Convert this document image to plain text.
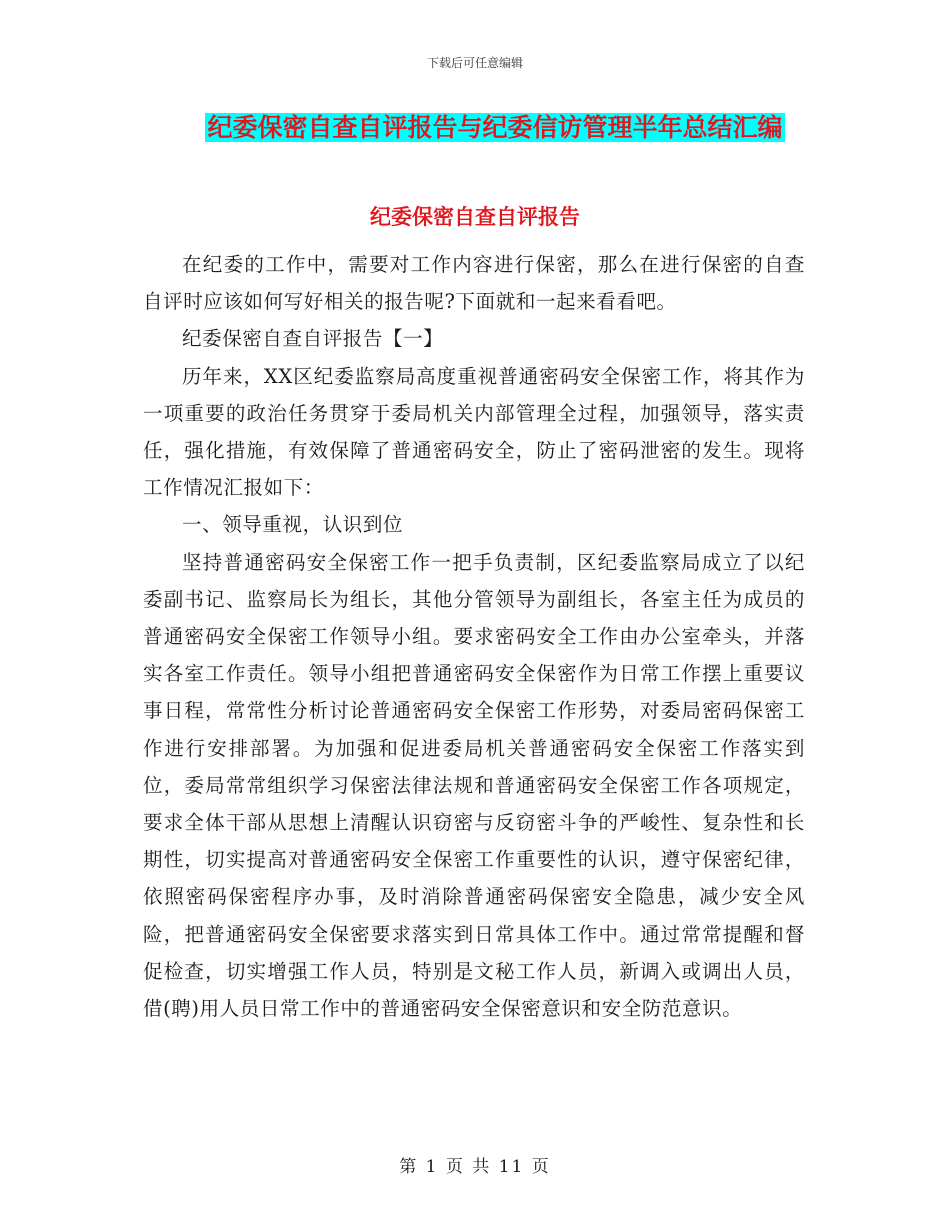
下载后可任意编辑
纪委保密自查自评报告与纪委信访管理半年总结汇编
纪委保密自查自评报告

在纪委的工作中，需要对工作内容进行保密，那么在进行保密的自查自评时应该如何写好相关的报告呢?下面就和一起来看看吧。

纪委保密自查自评报告【一】

历年来，XX区纪委监察局高度重视普通密码安全保密工作，将其作为一项重要的政治任务贯穿于委局机关内部管理全过程，加强领导，落实责任，强化措施，有效保障了普通密码安全，防止了密码泄密的发生。现将工作情况汇报如下：

一、领导重视，认识到位

坚持普通密码安全保密工作一把手负责制，区纪委监察局成立了以纪委副书记、监察局长为组长，其他分管领导为副组长，各室主任为成员的普通密码安全保密工作领导小组。要求密码安全工作由办公室牵头，并落实各室工作责任。领导小组把普通密码安全保密作为日常工作摆上重要议事日程，常常性分析讨论普通密码安全保密工作形势，对委局密码保密工作进行安排部署。为加强和促进委局机关普通密码安全保密工作落实到位，委局常常组织学习保密法律法规和普通密码安全保密工作各项规定，要求全体干部从思想上清醒认识窃密与反窃密斗争的严峻性、复杂性和长期性，切实提高对普通密码安全保密工作重要性的认识，遵守保密纪律，依照密码保密程序办事，及时消除普通密码保密安全隐患，减少安全风险，把普通密码安全保密要求落实到日常具体工作中。通过常常提醒和督促检查，切实增强工作人员，特别是文秘工作人员，新调入或调出人员，借(聘)用人员日常工作中的普通密码安全保密意识和安全防范意识。

第 1 页 共 11 页
